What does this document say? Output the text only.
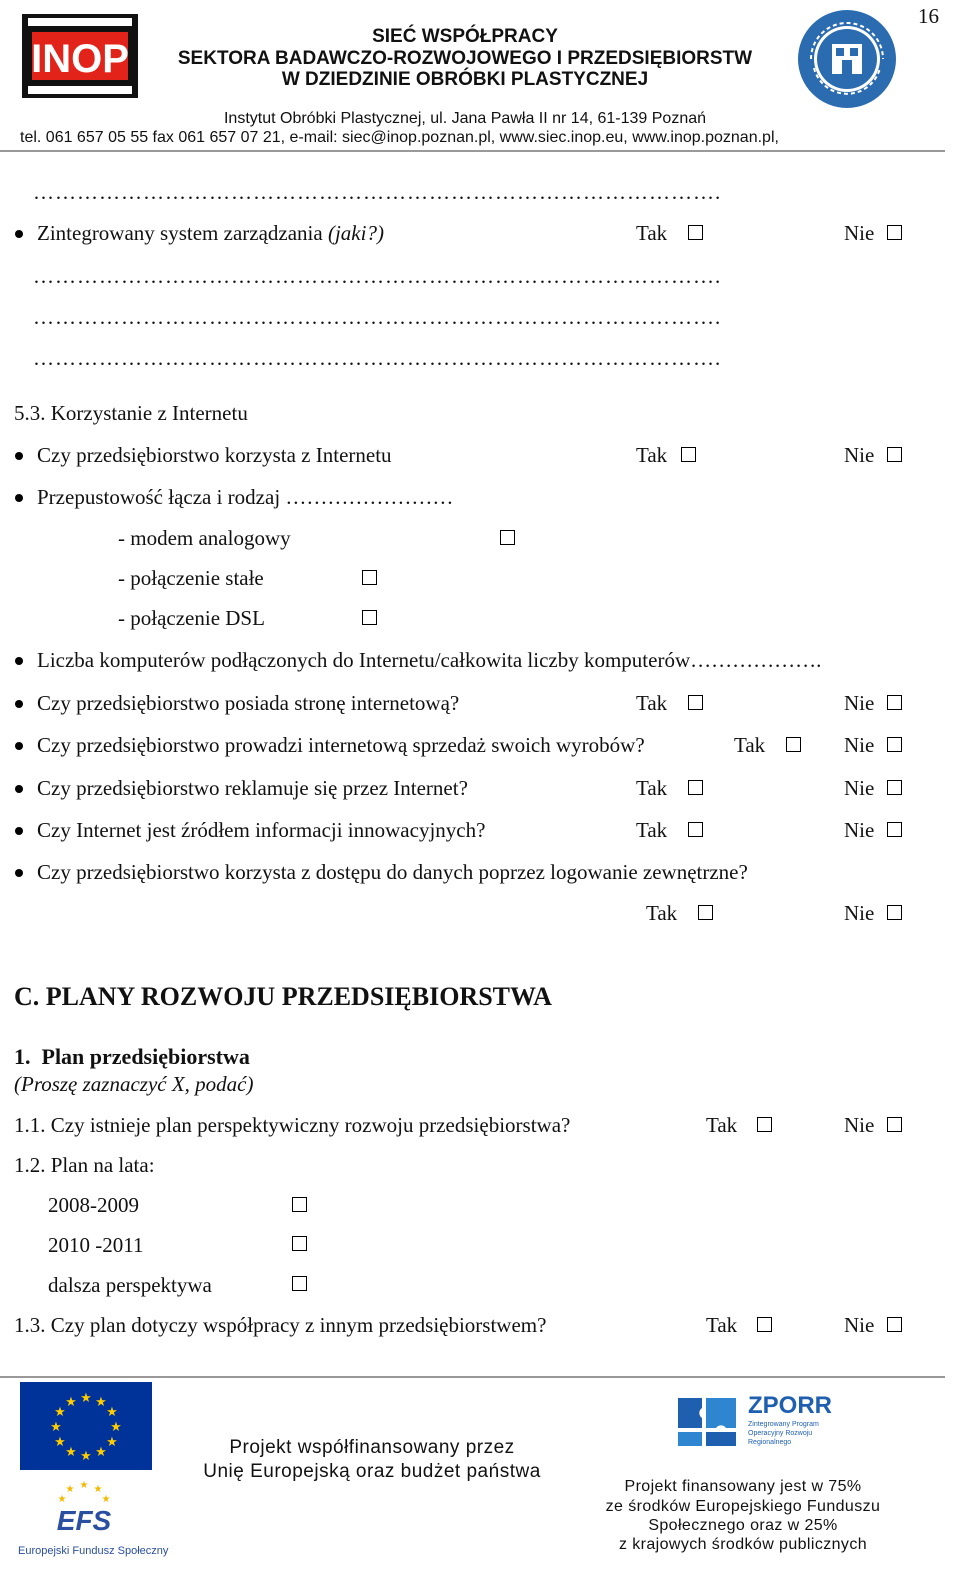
16
INOP
SIEĆ WSPÓŁPRACY
SEKTORA BADAWCZO-ROZWOJOWEGO I PRZEDSIĘBIORSTW
W DZIEDZINIE OBRÓBKI PLASTYCZNEJ
Instytut Obróbki Plastycznej, ul. Jana Pawła II nr 14, 61-139 Poznań
tel. 061 657 05 55 fax 061 657 07 21, e-mail: siec@inop.poznan.pl, www.siec.inop.eu, www.inop.poznan.pl,
………………………………………………………………………………….
Zintegrowany system zarządzania (jaki?)	Tak	Nie
………………………………………………………………………………….
………………………………………………………………………………….
………………………………………………………………………………….
5.3. Korzystanie z Internetu
Czy przedsiębiorstwo korzysta z Internetu	Tak	Nie
Przepustowość łącza i rodzaj ……………………
- modem analogowy
- połączenie stałe
- połączenie DSL
Liczba komputerów podłączonych do Internetu/całkowita liczby komputerów……………….
Czy przedsiębiorstwo posiada stronę internetową?	Tak	Nie
Czy przedsiębiorstwo prowadzi internetową sprzedaż swoich wyrobów?	Tak	Nie
Czy przedsiębiorstwo reklamuje się przez Internet?	Tak	Nie
Czy Internet jest źródłem informacji innowacyjnych?	Tak	Nie
Czy przedsiębiorstwo korzysta z dostępu do danych poprzez logowanie zewnętrzne?
Tak	Nie
C. PLANY ROZWOJU PRZEDSIĘBIORSTWA
1.  Plan przedsiębiorstwa
(Proszę zaznaczyć X, podać)
1.1. Czy istnieje plan perspektywiczny rozwoju przedsiębiorstwa?	Tak	Nie
1.2. Plan na lata:
2008-2009
2010 -2011
dalsza perspektywa
1.3. Czy plan dotyczy współpracy z innym przedsiębiorstwem?	Tak	Nie
★ ★
★
★
★
★
★
★
★
★
★
★
★ ★ ★
★	★
EFS
Europejski Fundusz Społeczny
Projekt współfinansowany przez
Unię Europejską oraz budżet państwa
ZPORR
Zintegrowany Program Operacyjny Rozwoju Regionalnego
Projekt finansowany jest w 75%
ze środków Europejskiego Funduszu
Społecznego oraz w 25%
z krajowych środków publicznych
